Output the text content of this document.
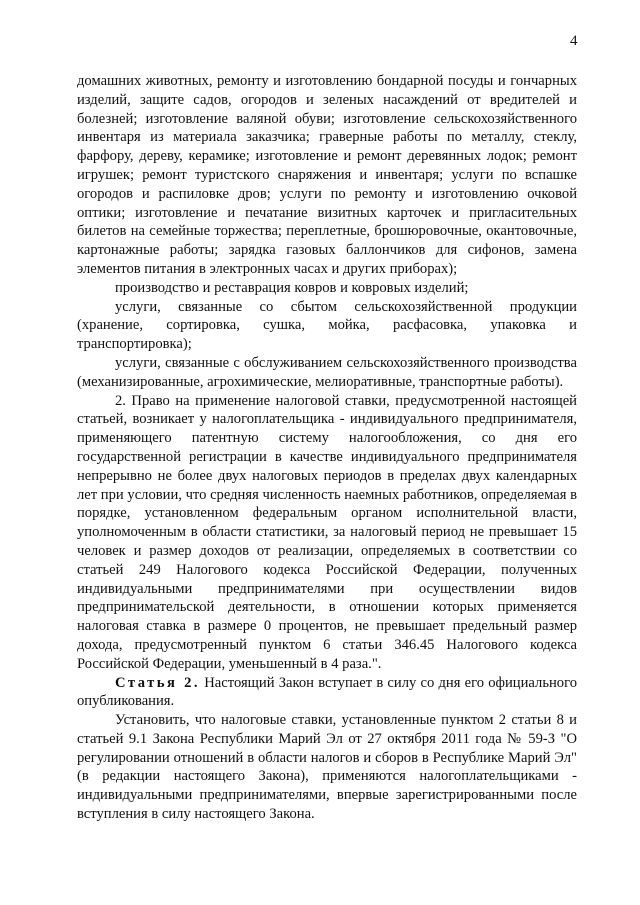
4

домашних животных, ремонту и изготовлению бондарной посуды и гончарных изделий, защите садов, огородов и зеленых насаждений от вредителей и болезней; изготовление валяной обуви; изготовление сельскохозяйственного инвентаря из материала заказчика; граверные работы по металлу, стеклу, фарфору, дереву, керамике; изготовление и ремонт деревянных лодок; ремонт игрушек; ремонт туристского снаряжения и инвентаря; услуги по вспашке огородов и распиловке дров; услуги по ремонту и изготовлению очковой оптики; изготовление и печатание визитных карточек и пригласительных билетов на семейные торжества; переплетные, брошюровочные, окантовочные, картонажные работы; зарядка газовых баллончиков для сифонов, замена элементов питания в электронных часах и других приборах);

производство и реставрация ковров и ковровых изделий;

услуги, связанные со сбытом сельскохозяйственной продукции (хранение, сортировка, сушка, мойка, расфасовка, упаковка и транспортировка);

услуги, связанные с обслуживанием сельскохозяйственного производства (механизированные, агрохимические, мелиоративные, транспортные работы).

2. Право на применение налоговой ставки, предусмотренной настоящей статьей, возникает у налогоплательщика - индивидуального предпринимателя, применяющего патентную систему налогообложения, со дня его государственной регистрации в качестве индивидуального предпринимателя непрерывно не более двух налоговых периодов в пределах двух календарных лет при условии, что средняя численность наемных работников, определяемая в порядке, установленном федеральным органом исполнительной власти, уполномоченным в области статистики, за налоговый период не превышает 15 человек и размер доходов от реализации, определяемых в соответствии со статьей 249 Налогового кодекса Российской Федерации, полученных индивидуальными предпринимателями при осуществлении видов предпринимательской деятельности, в отношении которых применяется налоговая ставка в размере 0 процентов, не превышает предельный размер дохода, предусмотренный пунктом 6 статьи 346.45 Налогового кодекса Российской Федерации, уменьшенный в 4 раза.".

Статья 2. Настоящий Закон вступает в силу со дня его официального опубликования.

Установить, что налоговые ставки, установленные пунктом 2 статьи 8 и статьей 9.1 Закона Республики Марий Эл от 27 октября 2011 года № 59-З "О регулировании отношений в области налогов и сборов в Республике Марий Эл" (в редакции настоящего Закона), применяются налогоплательщиками - индивидуальными предпринимателями, впервые зарегистрированными после вступления в силу настоящего Закона.
